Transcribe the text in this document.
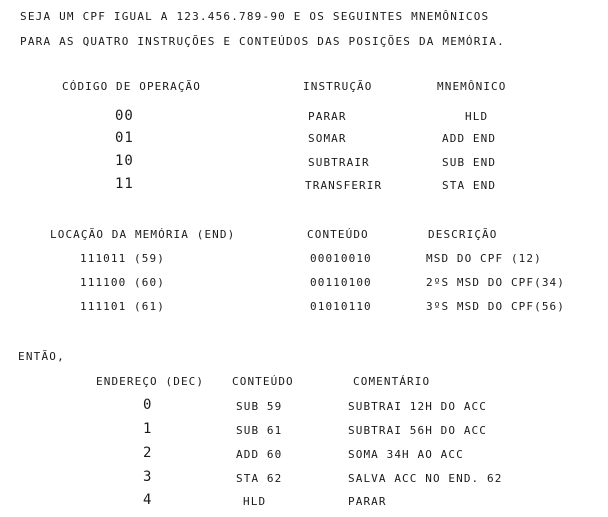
SEJA UM CPF IGUAL A 123.456.789-90 E OS SEGUINTES MNEMÔNICOS
PARA AS QUATRO INSTRUÇÕES E CONTEÚDOS DAS POSIÇÕES DA MEMÓRIA.
CÓDIGO DE OPERAÇÃO	INSTRUÇÃO	MNEMÔNICO
00	PARAR	HLD
01	SOMAR	ADD END
10	SUBTRAIR	SUB END
11	TRANSFERIR	STA END
LOCAÇÃO DA MEMÓRIA (END)	CONTEÚDO	DESCRIÇÃO
111011 (59)	00010010	MSD DO CPF (12)
111100 (60)	00110100	2ºS MSD DO CPF(34)
111101 (61)	01010110	3ºS MSD DO CPF(56)
ENTÃO,
ENDEREÇO (DEC)	CONTEÚDO	COMENTÁRIO
0	SUB 59	SUBTRAI 12H DO ACC
1	SUB 61	SUBTRAI 56H DO ACC
2	ADD 60	SOMA 34H AO ACC
3	STA 62	SALVA ACC NO END. 62
4	HLD	PARAR
